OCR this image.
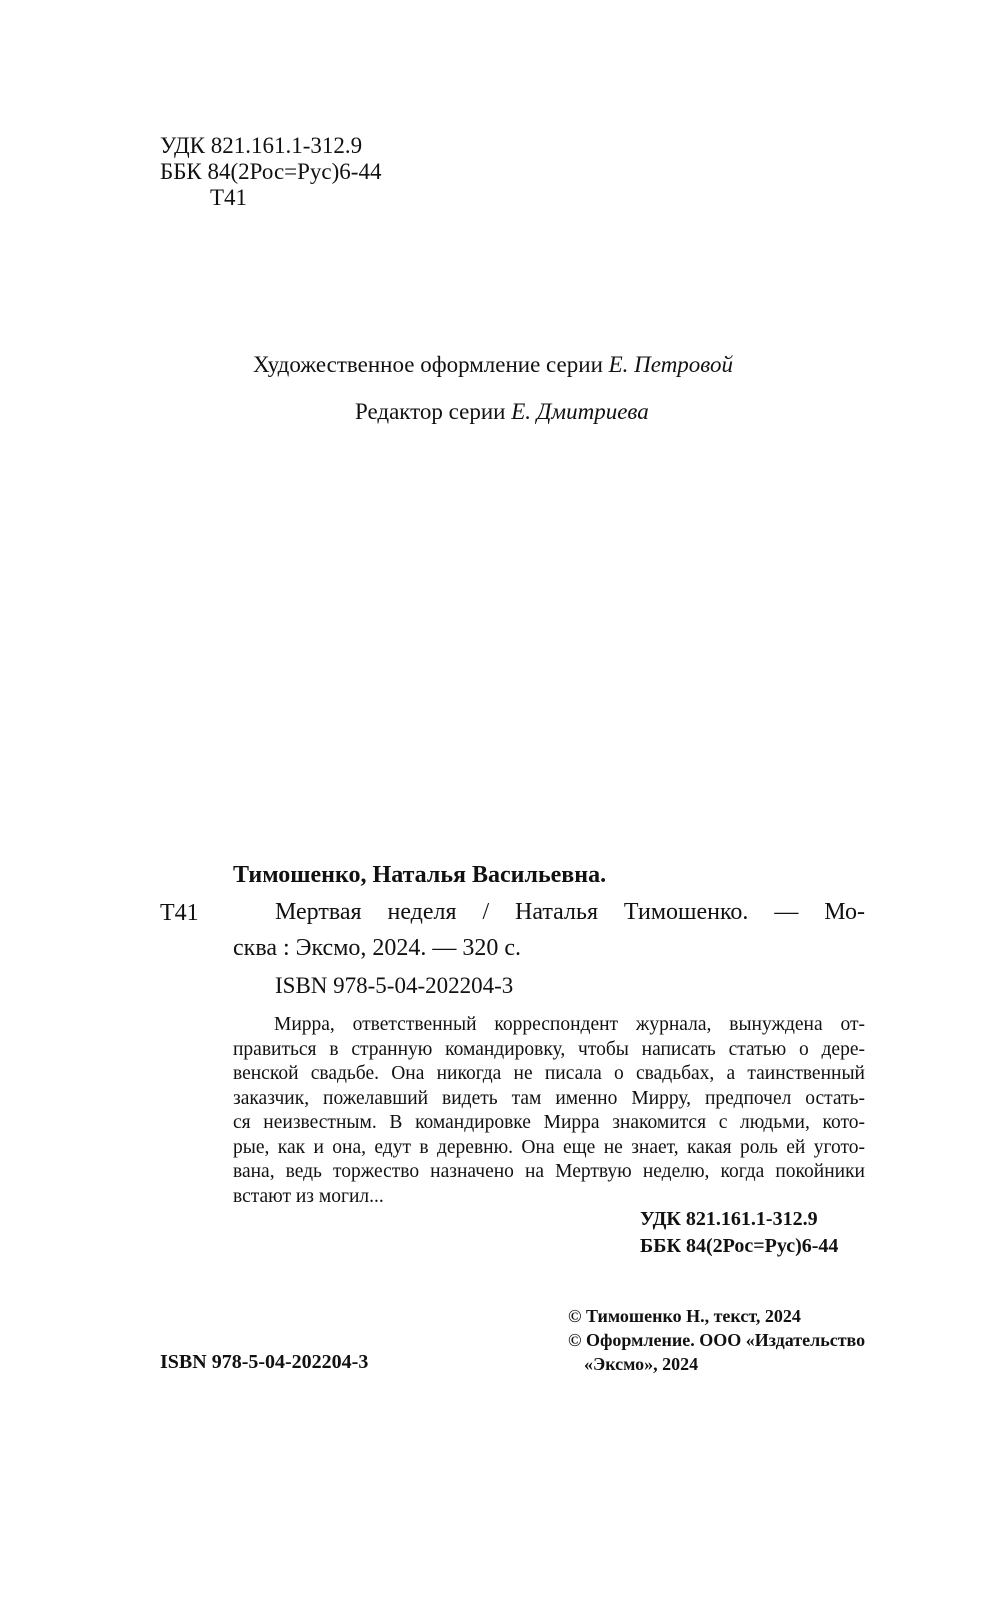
УДК 821.161.1-312.9
ББК 84(2Рос=Рус)6-44
Т41
Художественное оформление серии Е. Петровой
Редактор серии Е. Дмитриева
Тимошенко, Наталья Васильевна.
Т41	Мертвая неделя / Наталья Тимошенко. — Мо-
сква : Эксмо, 2024. — 320 с.
ISBN 978-5-04-202204-3
Мирра, ответственный корреспондент журнала, вынуждена от-
правиться в странную командировку, чтобы написать статью о дере-
венской свадьбе. Она никогда не писала о свадьбах, а таинственный
заказчик, пожелавший видеть там именно Мирру, предпочел остать-
ся неизвестным. В командировке Мирра знакомится с людьми, кото-
рые, как и она, едут в деревню. Она еще не знает, какая роль ей угото-
вана, ведь торжество назначено на Мертвую неделю, когда покойники
встают из могил...
УДК 821.161.1-312.9
ББК 84(2Рос=Рус)6-44
ISBN 978-5-04-202204-3
© Тимошенко Н., текст, 2024
© Оформление. ООО «Издательство
«Эксмо», 2024
